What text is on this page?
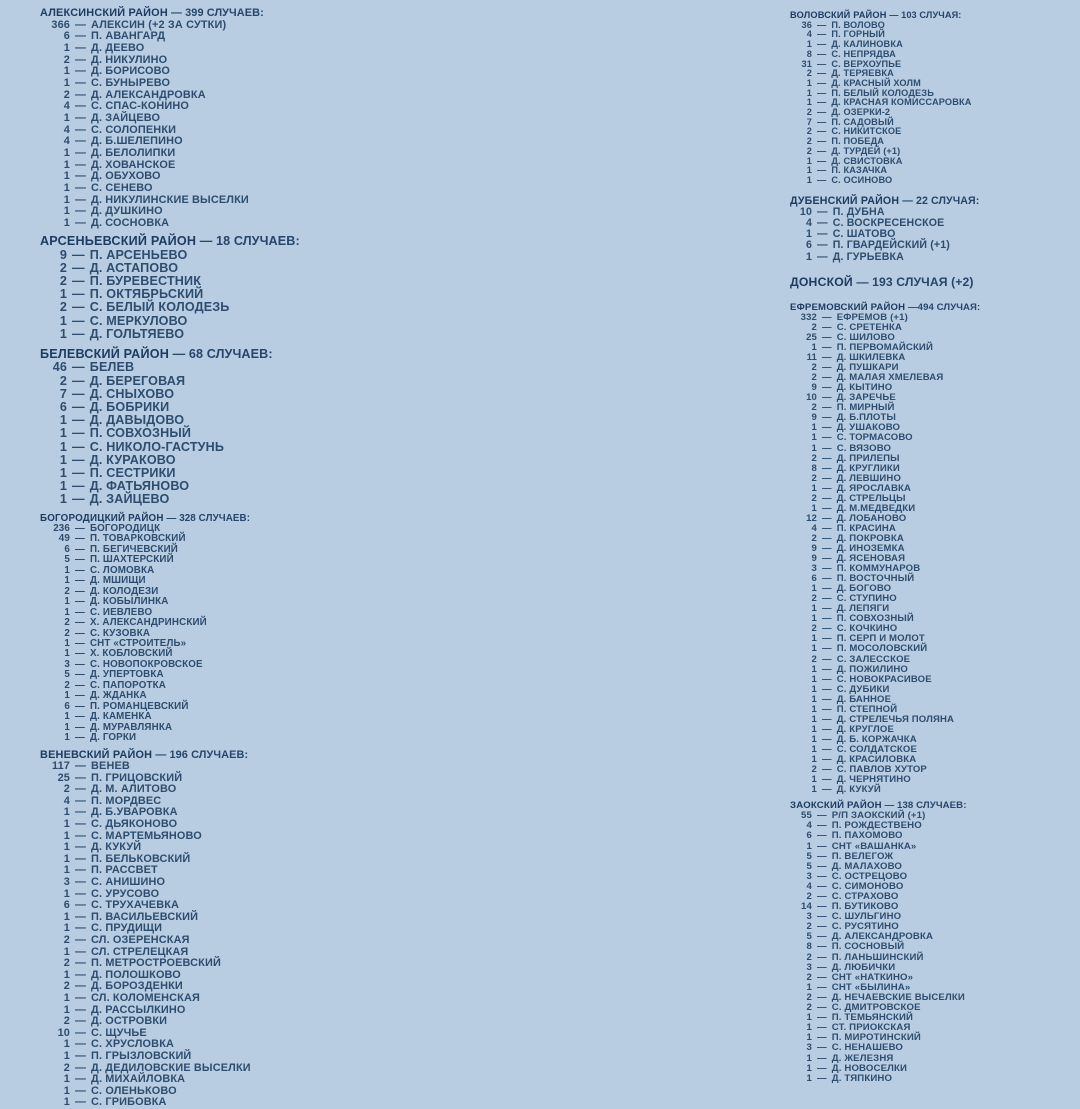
АЛЕКСИНСКИЙ РАЙОН — 399 СЛУЧАЕВ:
366 — АЛЕКСИН (+2 ЗА СУТКИ)
6 — П. АВАНГАРД
1 — Д. ДЕЕВО
2 — Д. НИКУЛИНО
1 — Д. БОРИСОВО
1 — С. БУНЫРЕВО
2 — Д. АЛЕКСАНДРОВКА
4 — С. СПАС-КОНИНО
1 — Д. ЗАЙЦЕВО
4 — С. СОЛОПЕНКИ
4 — Д. Б.ШЕЛЕПИНО
1 — Д. БЕЛОЛИПКИ
1 — Д. ХОВАНСКОЕ
1 — Д. ОБУХОВО
1 — С. СЕНЕВО
1 — Д. НИКУЛИНСКИЕ ВЫСЕЛКИ
1 — Д. ДУШКИНО
1 — Д. СОСНОВКА
АРСЕНЬЕВСКИЙ РАЙОН — 18 СЛУЧАЕВ:
9 — П. АРСЕНЬЕВО
2 — Д. АСТАПОВО
2 — П. БУРЕВЕСТНИК
1 — П. ОКТЯБРЬСКИЙ
2 — С. БЕЛЫЙ КОЛОДЕЗЬ
1 — С. МЕРКУЛОВО
1 — Д. ГОЛЬТЯЕВО
БЕЛЕВСКИЙ РАЙОН — 68 СЛУЧАЕВ:
46 — БЕЛЕВ
2 — Д. БЕРЕГОВАЯ
7 — Д. СНЫХОВО
6 — Д. БОБРИКИ
1 — Д. ДАВЫДОВО
1 — П. СОВХОЗНЫЙ
1 — С. НИКОЛО-ГАСТУНЬ
1 — Д. КУРАКОВО
1 — П. СЕСТРИКИ
1 — Д. ФАТЬЯНОВО
1 — Д. ЗАЙЦЕВО
БОГОРОДИЦКИЙ РАЙОН — 328 СЛУЧАЕВ:
236 — БОГОРОДИЦК
49 — П. ТОВАРКОВСКИЙ
6 — П. БЕГИЧЕВСКИЙ
5 — П. ШАХТЕРСКИЙ
1 — С. ЛОМОВКА
1 — Д. МШИЩИ
2 — Д. КОЛОДЕЗИ
1 — Д. КОБЫЛИНКА
1 — С. ИЕВЛЕВО
2 — Х. АЛЕКСАНДРИНСКИЙ
2 — С. КУЗОВКА
1 — СНТ «СТРОИТЕЛЬ»
1 — Х. КОБЛОВСКИЙ
3 — С. НОВОПОКРОВСКОЕ
5 — Д. УПЕРТОВКА
2 — С. ПАПОРОТКА
1 — Д. ЖДАНКА
6 — П. РОМАНЦЕВСКИЙ
1 — Д. КАМЕНКА
1 — Д. МУРАВЛЯНКА
1 — Д. ГОРКИ
ВЕНЕВСКИЙ РАЙОН — 196 СЛУЧАЕВ:
117 — ВЕНЕВ
25 — П. ГРИЦОВСКИЙ
2 — Д. М. АЛИТОВО
4 — П. МОРДВЕС
1 — Д. Б.УВАРОВКА
1 — С. ДЬЯКОНОВО
1 — С. МАРТЕМЬЯНОВО
1 — Д. КУКУЙ
1 — П. БЕЛЬКОВСКИЙ
1 — П. РАССВЕТ
3 — С. АНИШИНО
1 — С. УРУСОВО
6 — С. ТРУХАЧЕВКА
1 — П. ВАСИЛЬЕВСКИЙ
1 — С. ПРУДИЩИ
2 — СЛ. ОЗЕРЕНСКАЯ
1 — СЛ. СТРЕЛЕЦКАЯ
2 — П. МЕТРОСТРОЕВСКИЙ
1 — Д. ПОЛОШКОВО
2 — Д. БОРОЗДЕНКИ
1 — СЛ. КОЛОМЕНСКАЯ
1 — Д. РАССЫЛКИНО
2 — Д. ОСТРОВКИ
10 — С. ЩУЧЬЕ
1 — С. ХРУСЛОВКА
1 — П. ГРЫЗЛОВСКИЙ
2 — Д. ДЕДИЛОВСКИЕ ВЫСЕЛКИ
1 — Д. МИХАЙЛОВКА
1 — С. ОЛЕНЬКОВО
1 — С. ГРИБОВКА
ВОЛОВСКИЙ РАЙОН — 103 СЛУЧАЯ:
36 — П. ВОЛОВО
4 — П. ГОРНЫЙ
1 — Д. КАЛИНОВКА
8 — С. НЕПРЯДВА
31 — С. ВЕРХОУПЬЕ
2 — Д. ТЕРЯЕВКА
1 — Д. КРАСНЫЙ ХОЛМ
1 — П. БЕЛЫЙ КОЛОДЕЗЬ
1 — Д. КРАСНАЯ КОМИССАРОВКА
2 — Д. ОЗЕРКИ-2
7 — П. САДОВЫЙ
2 — С. НИКИТСКОЕ
2 — П. ПОБЕДА
2 — Д. ТУРДЕЙ (+1)
1 — Д. СВИСТОВКА
1 — П. КАЗАЧКА
1 — С. ОСИНОВО
ДУБЕНСКИЙ РАЙОН — 22 СЛУЧАЯ:
10 — П. ДУБНА
4 — С. ВОСКРЕСЕНСКОЕ
1 — С. ШАТОВО
6 — П. ГВАРДЕЙСКИЙ (+1)
1 — Д. ГУРЬЕВКА
ДОНСКОЙ — 193 СЛУЧАЯ (+2)
ЕФРЕМОВСКИЙ РАЙОН —494 СЛУЧАЯ:
332 — ЕФРЕМОВ (+1)
2 — С. СРЕТЕНКА
25 — С. ШИЛОВО
1 — П. ПЕРВОМАЙСКИЙ
11 — Д. ШКИЛЕВКА
2 — Д. ПУШКАРИ
2 — Д. МАЛАЯ ХМЕЛЕВАЯ
9 — Д. КЫТИНО
10 — Д. ЗАРЕЧЬЕ
2 — П. МИРНЫЙ
9 — Д. Б.ПЛОТЫ
1 — Д. УШАКОВО
1 — С. ТОРМАСОВО
1 — С. ВЯЗОВО
2 — Д. ПРИЛЕПЫ
8 — Д. КРУГЛИКИ
2 — Д. ЛЕВШИНО
1 — Д. ЯРОСЛАВКА
2 — Д. СТРЕЛЬЦЫ
1 — Д. М.МЕДВЕДКИ
12 — Д. ЛОБАНОВО
4 — П. КРАСИНА
2 — Д. ПОКРОВКА
9 — Д. ИНОЗЕМКА
9 — Д. ЯСЕНОВАЯ
3 — П. КОММУНАРОВ
6 — П. ВОСТОЧНЫЙ
1 — Д. БОГОВО
2 — С. СТУПИНО
1 — Д. ЛЕПЯГИ
1 — П. СОВХОЗНЫЙ
2 — С. КОЧКИНО
1 — П. СЕРП И МОЛОТ
1 — П. МОСОЛОВСКИЙ
2 — С. ЗАЛЕССКОЕ
1 — Д. ПОЖИЛИНО
1 — С. НОВОКРАСИВОЕ
1 — С. ДУБИКИ
1 — Д. БАННОЕ
1 — П. СТЕПНОЙ
1 — Д. СТРЕЛЕЧЬЯ ПОЛЯНА
1 — Д. КРУГЛОЕ
1 — Д. Б. КОРЖАЧКА
1 — С. СОЛДАТСКОЕ
1 — Д. КРАСИЛОВКА
2 — С. ПАВЛОВ ХУТОР
1 — Д. ЧЕРНЯТИНО
1 — Д. КУКУЙ
ЗАОКСКИЙ РАЙОН — 138 СЛУЧАЕВ:
55 — Р/П ЗАОКСКИЙ (+1)
4 — П. РОЖДЕСТВЕНО
6 — П. ПАХОМОВО
1 — СНТ «ВАШАНКА»
5 — П. ВЕЛЕГОЖ
5 — Д. МАЛАХОВО
3 — С. ОСТРЕЦОВО
4 — С. СИМОНОВО
2 — С. СТРАХОВО
14 — П. БУТИКОВО
3 — С. ШУЛЬГИНО
2 — С. РУСЯТИНО
5 — Д. АЛЕКСАНДРОВКА
8 — П. СОСНОВЫЙ
2 — П. ЛАНЬШИНСКИЙ
3 — Д. ЛЮБИЧКИ
2 — СНТ «НАТКИНО»
1 — СНТ «БЫЛИНА»
2 — Д. НЕЧАЕВСКИЕ ВЫСЕЛКИ
2 — С. ДМИТРОВСКОЕ
1 — П. ТЕМЬЯНСКИЙ
1 — СТ. ПРИОКСКАЯ
1 — П. МИРОТИНСКИЙ
3 — С. НЕНАШЕВО
1 — Д. ЖЕЛЕЗНЯ
1 — Д. НОВОСЕЛКИ
1 — Д. ТЯПКИНО
